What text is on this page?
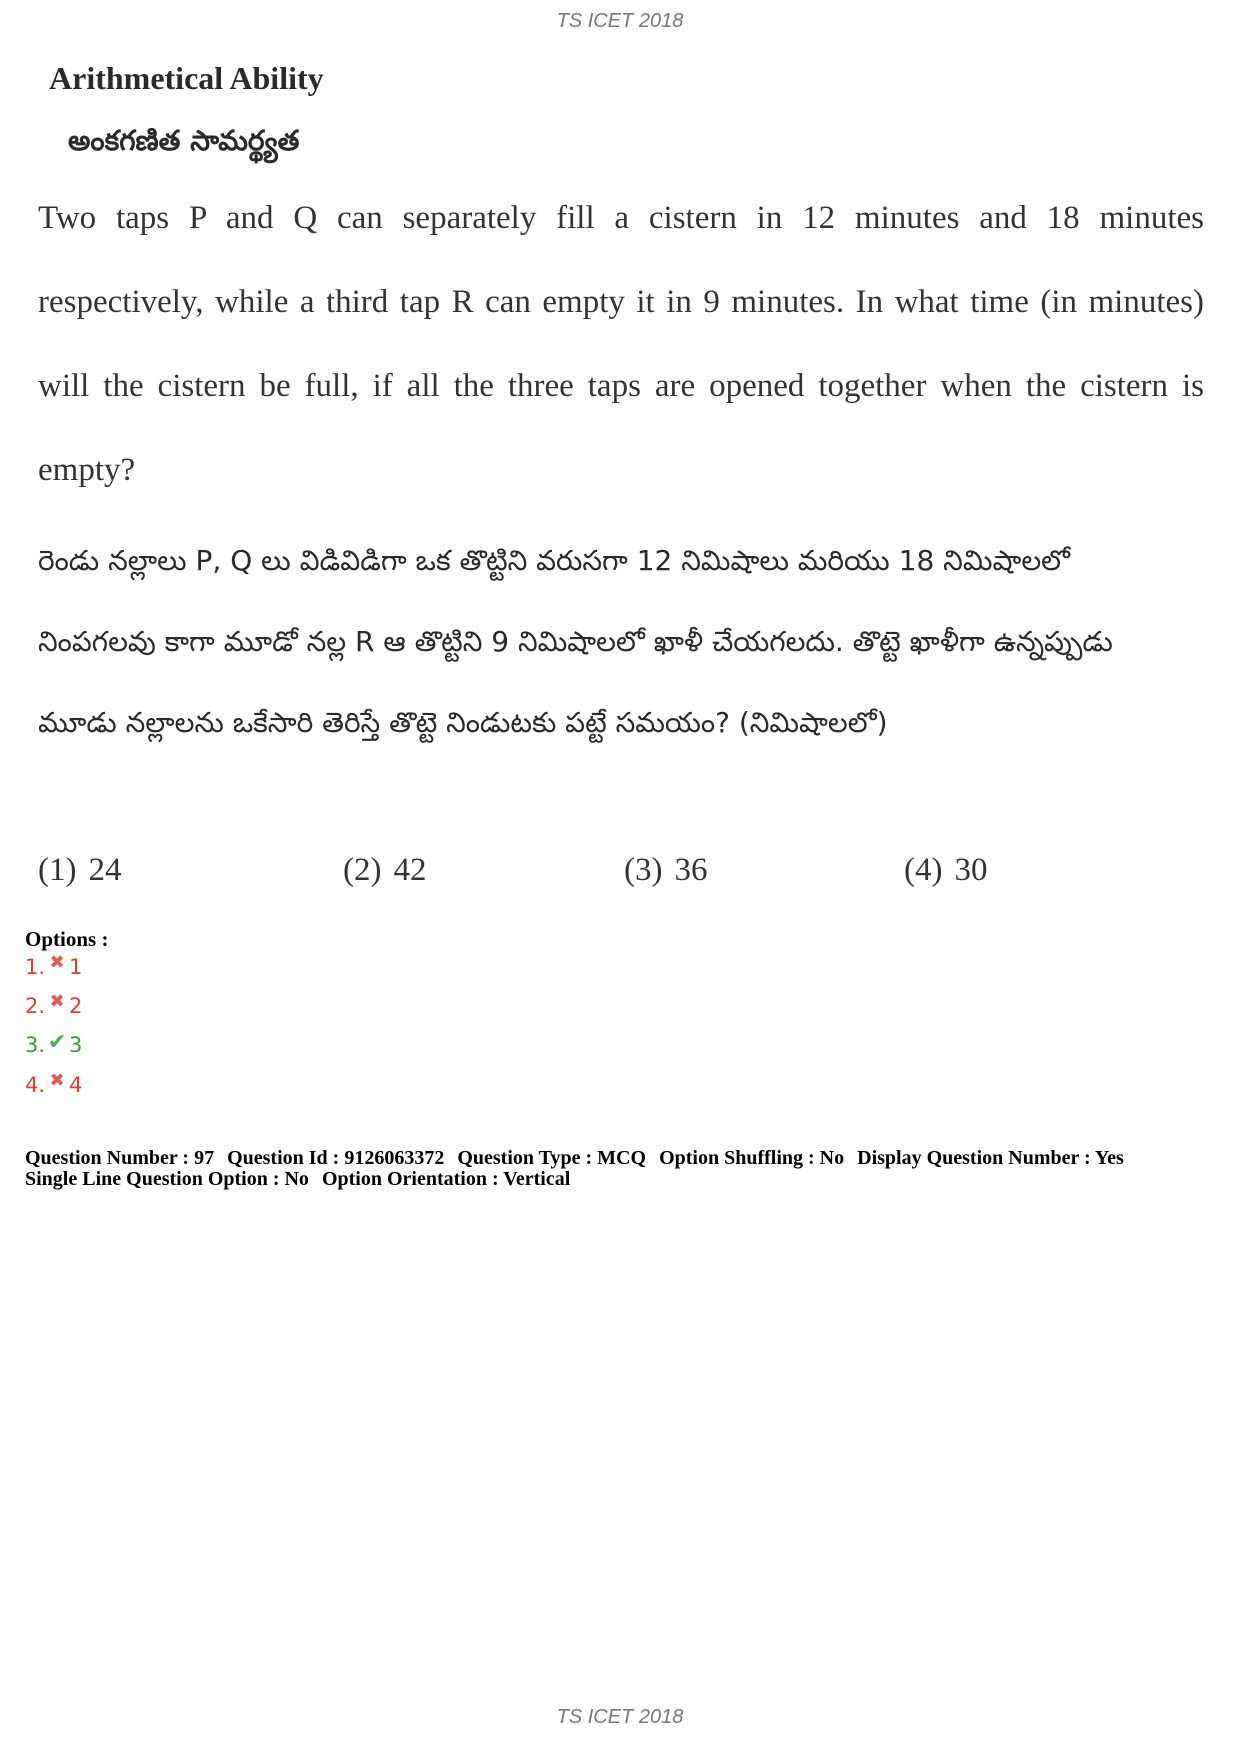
TS ICET 2018
Arithmetical Ability
అంకగణిత సామర్థ్యత

Two taps P and Q can separately fill a cistern in 12 minutes and 18 minutes respectively, while a third tap R can empty it in 9 minutes. In what time (in minutes) will the cistern be full, if all the three taps are opened together when the cistern is empty?

రెండు నల్లాలు P, Q లు విడివిడిగా ఒక తొట్టిని వరుసగా 12 నిమిషాలు మరియు 18 నిమిషాలలో నింపగలవు కాగా మూడో నల్ల R ఆ తొట్టిని 9 నిమిషాలలో ఖాళీ చేయగలదు. తొట్టె ఖాళీగా ఉన్నప్పుడు మూడు నల్లాలను ఒకేసారి తెరిస్తే తొట్టె నిండుటకు పట్టే సమయం? (నిమిషాలలో)

(1) 24	(2) 42	(3) 36	(4) 30
Options :
1. ✖ 1
2. ✖ 2
3. ✔ 3
4. ✖ 4

Question Number : 97 Question Id : 9126063372 Question Type : MCQ Option Shuffling : No Display Question Number : Yes
Single Line Question Option : No Option Orientation : Vertical

TS ICET 2018
